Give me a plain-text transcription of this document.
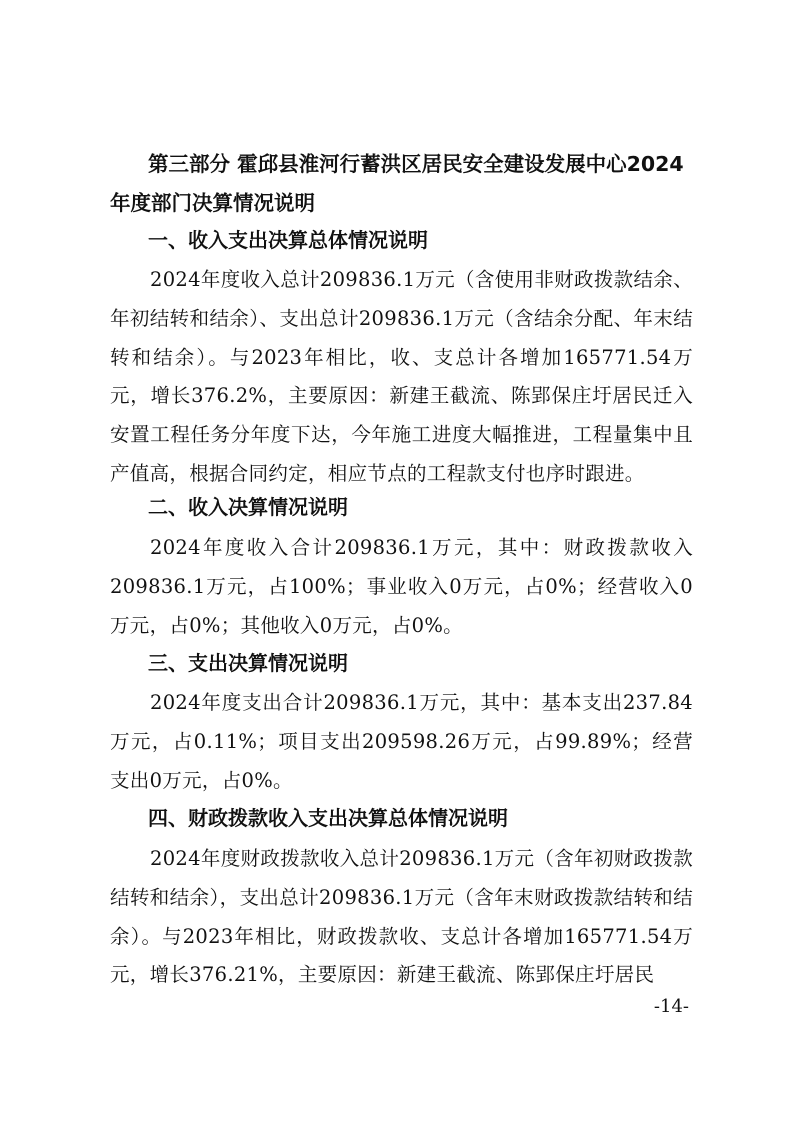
第三部分 霍邱县淮河行蓄洪区居民安全建设发展中心2024年度部门决算情况说明
一、收入支出决算总体情况说明

2024年度收入总计209836.1万元（含使用非财政拨款结余、年初结转和结余）、支出总计209836.1万元（含结余分配、年末结转和结余）。与2023年相比，收、支总计各增加165771.54万元，增长376.2%，主要原因：新建王截流、陈郢保庄圩居民迁入安置工程任务分年度下达，今年施工进度大幅推进，工程量集中且产值高，根据合同约定，相应节点的工程款支付也序时跟进。

二、收入决算情况说明

2024年度收入合计209836.1万元，其中：财政拨款收入209836.1万元，占100%；事业收入0万元，占0%；经营收入0万元，占0%；其他收入0万元，占0%。

三、支出决算情况说明

2024年度支出合计209836.1万元，其中：基本支出237.84万元，占0.11%；项目支出209598.26万元，占99.89%；经营支出0万元，占0%。

四、财政拨款收入支出决算总体情况说明

2024年度财政拨款收入总计209836.1万元（含年初财政拨款结转和结余），支出总计209836.1万元（含年末财政拨款结转和结余）。与2023年相比，财政拨款收、支总计各增加165771.54万元，增长376.21%，主要原因：新建王截流、陈郢保庄圩居民

-14-
